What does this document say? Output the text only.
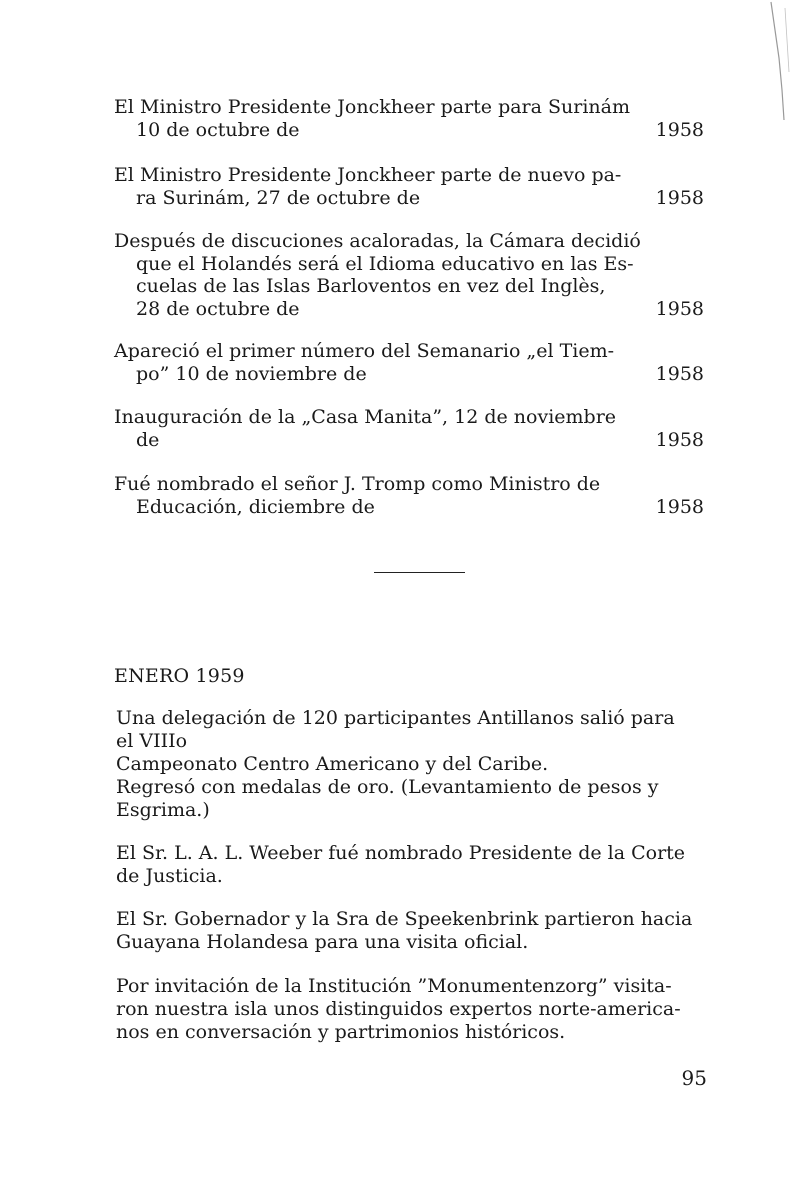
El Ministro Presidente Jonckheer parte para Surinám
10 de octubre de	1958
El Ministro Presidente Jonckheer parte de nuevo pa-
ra Surinám, 27 de octubre de	1958
Después de discuciones acaloradas, la Cámara decidió
que el Holandés será el Idioma educativo en las Es-
cuelas de las Islas Barloventos en vez del Inglès,
28 de octubre de	1958
Apareció el primer número del Semanario „el Tiem-
po” 10 de noviembre de	1958
Inauguración de la „Casa Manita”, 12 de noviembre
de	1958
Fué nombrado el señor J. Tromp como Ministro de
Educación, diciembre de	1958
ENERO 1959
Una delegación de 120 participantes Antillanos salió para
el VIIIo
Campeonato Centro Americano y del Caribe.
Regresó con medalas de oro. (Levantamiento de pesos y
Esgrima.)
El Sr. L. A. L. Weeber fué nombrado Presidente de la Corte
de Justicia.
El Sr. Gobernador y la Sra de Speekenbrink partieron hacia
Guayana Holandesa para una visita oficial.
Por invitación de la Institución ”Monumentenzorg” visita-
ron nuestra isla unos distinguidos expertos norte-america-
nos en conversación y partrimonios históricos.
95
